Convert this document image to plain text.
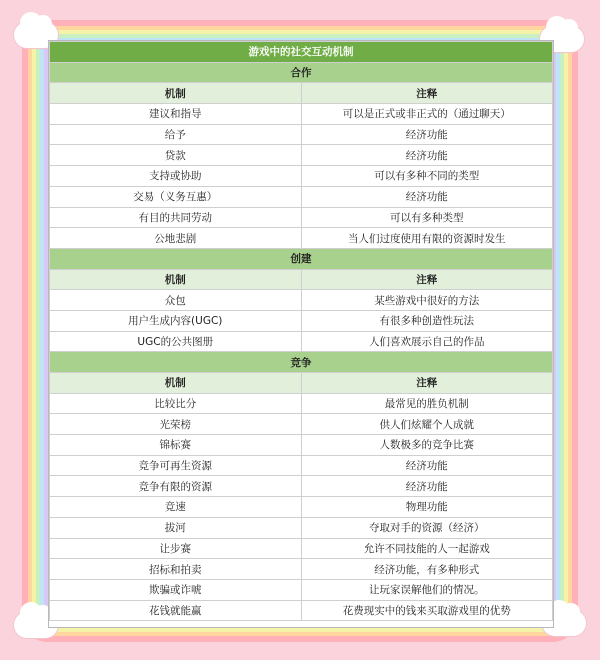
游戏中的社交互动机制	
合作	
机制	注释
建议和指导	可以是正式或非正式的（通过聊天）
给予	经济功能
贷款	经济功能
支持或协助	可以有多种不同的类型
交易（义务互惠）	经济功能
有目的共同劳动	可以有多种类型
公地悲剧	当人们过度使用有限的资源时发生
创建	
机制	注释
众包	某些游戏中很好的方法
用户生成内容(UGC)	有很多种创造性玩法
UGC的公共图册	人们喜欢展示自己的作品
竞争	
机制	注释
比较比分	最常见的胜负机制
光荣榜	供人们炫耀个人成就
锦标赛	人数极多的竞争比赛
竞争可再生资源	经济功能
竞争有限的资源	经济功能
竞速	物理功能
拔河	夺取对手的资源（经济）
让步赛	允许不同技能的人一起游戏
招标和拍卖	经济功能，有多种形式
欺骗或诈唬	让玩家误解他们的情况。
花钱就能赢	花费现实中的钱来买取游戏里的优势
